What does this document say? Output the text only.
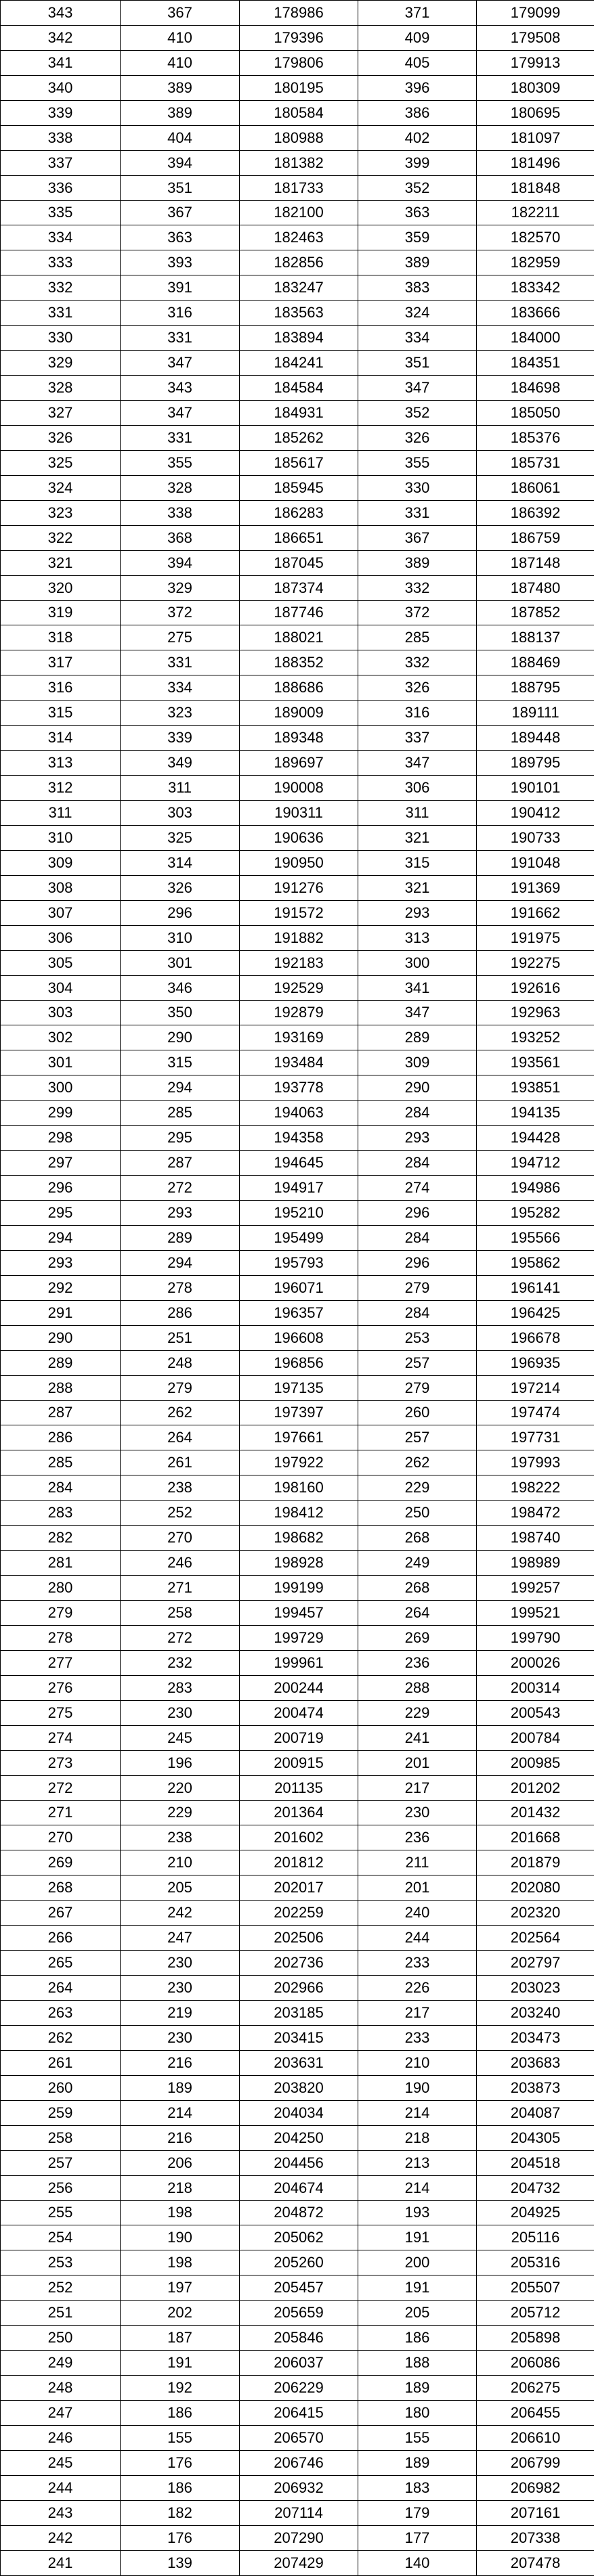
343	367	178986	371	179099
342	410	179396	409	179508
341	410	179806	405	179913
340	389	180195	396	180309
339	389	180584	386	180695
338	404	180988	402	181097
337	394	181382	399	181496
336	351	181733	352	181848
335	367	182100	363	182211
334	363	182463	359	182570
333	393	182856	389	182959
332	391	183247	383	183342
331	316	183563	324	183666
330	331	183894	334	184000
329	347	184241	351	184351
328	343	184584	347	184698
327	347	184931	352	185050
326	331	185262	326	185376
325	355	185617	355	185731
324	328	185945	330	186061
323	338	186283	331	186392
322	368	186651	367	186759
321	394	187045	389	187148
320	329	187374	332	187480
319	372	187746	372	187852
318	275	188021	285	188137
317	331	188352	332	188469
316	334	188686	326	188795
315	323	189009	316	189111
314	339	189348	337	189448
313	349	189697	347	189795
312	311	190008	306	190101
311	303	190311	311	190412
310	325	190636	321	190733
309	314	190950	315	191048
308	326	191276	321	191369
307	296	191572	293	191662
306	310	191882	313	191975
305	301	192183	300	192275
304	346	192529	341	192616
303	350	192879	347	192963
302	290	193169	289	193252
301	315	193484	309	193561
300	294	193778	290	193851
299	285	194063	284	194135
298	295	194358	293	194428
297	287	194645	284	194712
296	272	194917	274	194986
295	293	195210	296	195282
294	289	195499	284	195566
293	294	195793	296	195862
292	278	196071	279	196141
291	286	196357	284	196425
290	251	196608	253	196678
289	248	196856	257	196935
288	279	197135	279	197214
287	262	197397	260	197474
286	264	197661	257	197731
285	261	197922	262	197993
284	238	198160	229	198222
283	252	198412	250	198472
282	270	198682	268	198740
281	246	198928	249	198989
280	271	199199	268	199257
279	258	199457	264	199521
278	272	199729	269	199790
277	232	199961	236	200026
276	283	200244	288	200314
275	230	200474	229	200543
274	245	200719	241	200784
273	196	200915	201	200985
272	220	201135	217	201202
271	229	201364	230	201432
270	238	201602	236	201668
269	210	201812	211	201879
268	205	202017	201	202080
267	242	202259	240	202320
266	247	202506	244	202564
265	230	202736	233	202797
264	230	202966	226	203023
263	219	203185	217	203240
262	230	203415	233	203473
261	216	203631	210	203683
260	189	203820	190	203873
259	214	204034	214	204087
258	216	204250	218	204305
257	206	204456	213	204518
256	218	204674	214	204732
255	198	204872	193	204925
254	190	205062	191	205116
253	198	205260	200	205316
252	197	205457	191	205507
251	202	205659	205	205712
250	187	205846	186	205898
249	191	206037	188	206086
248	192	206229	189	206275
247	186	206415	180	206455
246	155	206570	155	206610
245	176	206746	189	206799
244	186	206932	183	206982
243	182	207114	179	207161
242	176	207290	177	207338
241	139	207429	140	207478
